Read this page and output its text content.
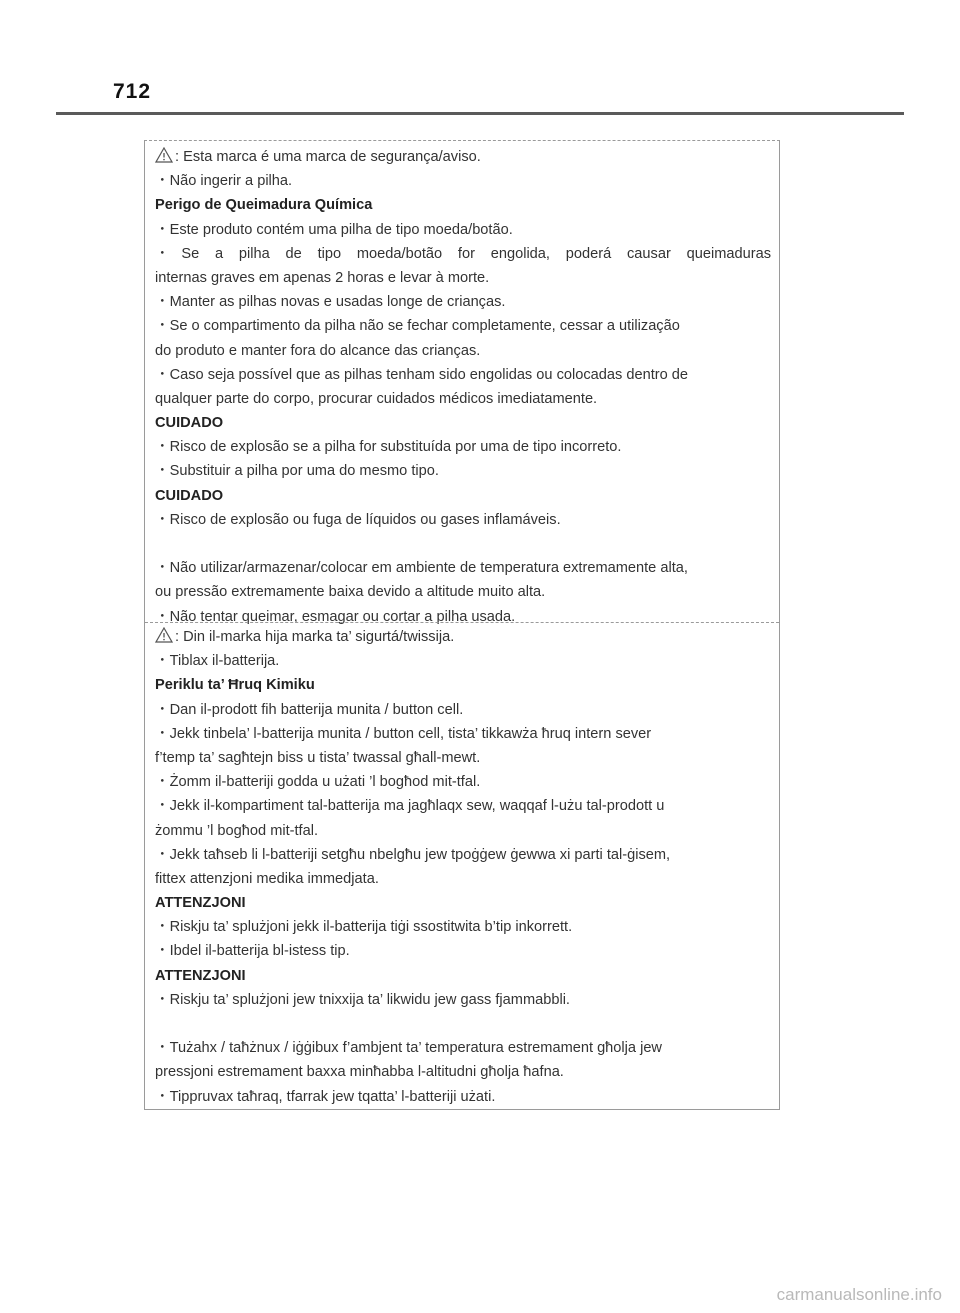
712
: Esta marca é uma marca de segurança/aviso.
・Não ingerir a pilha.
Perigo de Queimadura Química
・Este produto contém uma pilha de tipo moeda/botão.
・Se a pilha de tipo moeda/botão for engolida, poderá causar queimaduras
internas graves em apenas 2 horas e levar à morte.
・Manter as pilhas novas e usadas longe de crianças.
・Se o compartimento da pilha não se fechar completamente, cessar a utilização
do produto e manter fora do alcance das crianças.
・Caso seja possível que as pilhas tenham sido engolidas ou colocadas dentro de
qualquer parte do corpo, procurar cuidados médicos imediatamente.
CUIDADO
・Risco de explosão se a pilha for substituída por uma de tipo incorreto.
・Substituir a pilha por uma do mesmo tipo.
CUIDADO
・Risco de explosão ou fuga de líquidos ou gases inflamáveis.
・Não utilizar/armazenar/colocar em ambiente de temperatura extremamente alta,
ou pressão extremamente baixa devido a altitude muito alta.
・Não tentar queimar, esmagar ou cortar a pilha usada.
: Din il-marka hija marka ta’ sigurtá/twissija.
・Tiblax il-batterija.
Periklu ta’ Ħruq Kimiku
・Dan il-prodott fih batterija munita / button cell.
・Jekk tinbela’ l-batterija munita / button cell, tista’ tikkawża ħruq intern sever
f’temp ta’ sagħtejn biss u tista’ twassal għall-mewt.
・Żomm il-batteriji godda u użati ’l bogħod mit-tfal.
・Jekk il-kompartiment tal-batterija ma jagħlaqx sew, waqqaf l-użu tal-prodott u
żommu ’l bogħod mit-tfal.
・Jekk taħseb li l-batteriji setgħu nbelgħu jew tpoġġew ġewwa xi parti tal-ġisem,
fittex attenzjoni medika immedjata.
ATTENZJONI
・Riskju ta’ splużjoni jekk il-batterija tiġi ssostitwita b’tip inkorrett.
・Ibdel il-batterija bl-istess tip.
ATTENZJONI
・Riskju ta’ splużjoni jew tnixxija ta’ likwidu jew gass fjammabbli.
・Tużahx / taħżnux / iġġibux f’ambjent ta’ temperatura estremament għolja jew
pressjoni estremament baxxa minħabba l-altitudni għolja ħafna.
・Tippruvax taħraq, tfarrak jew tqatta’ l-batteriji użati.
carmanualsonline.info
